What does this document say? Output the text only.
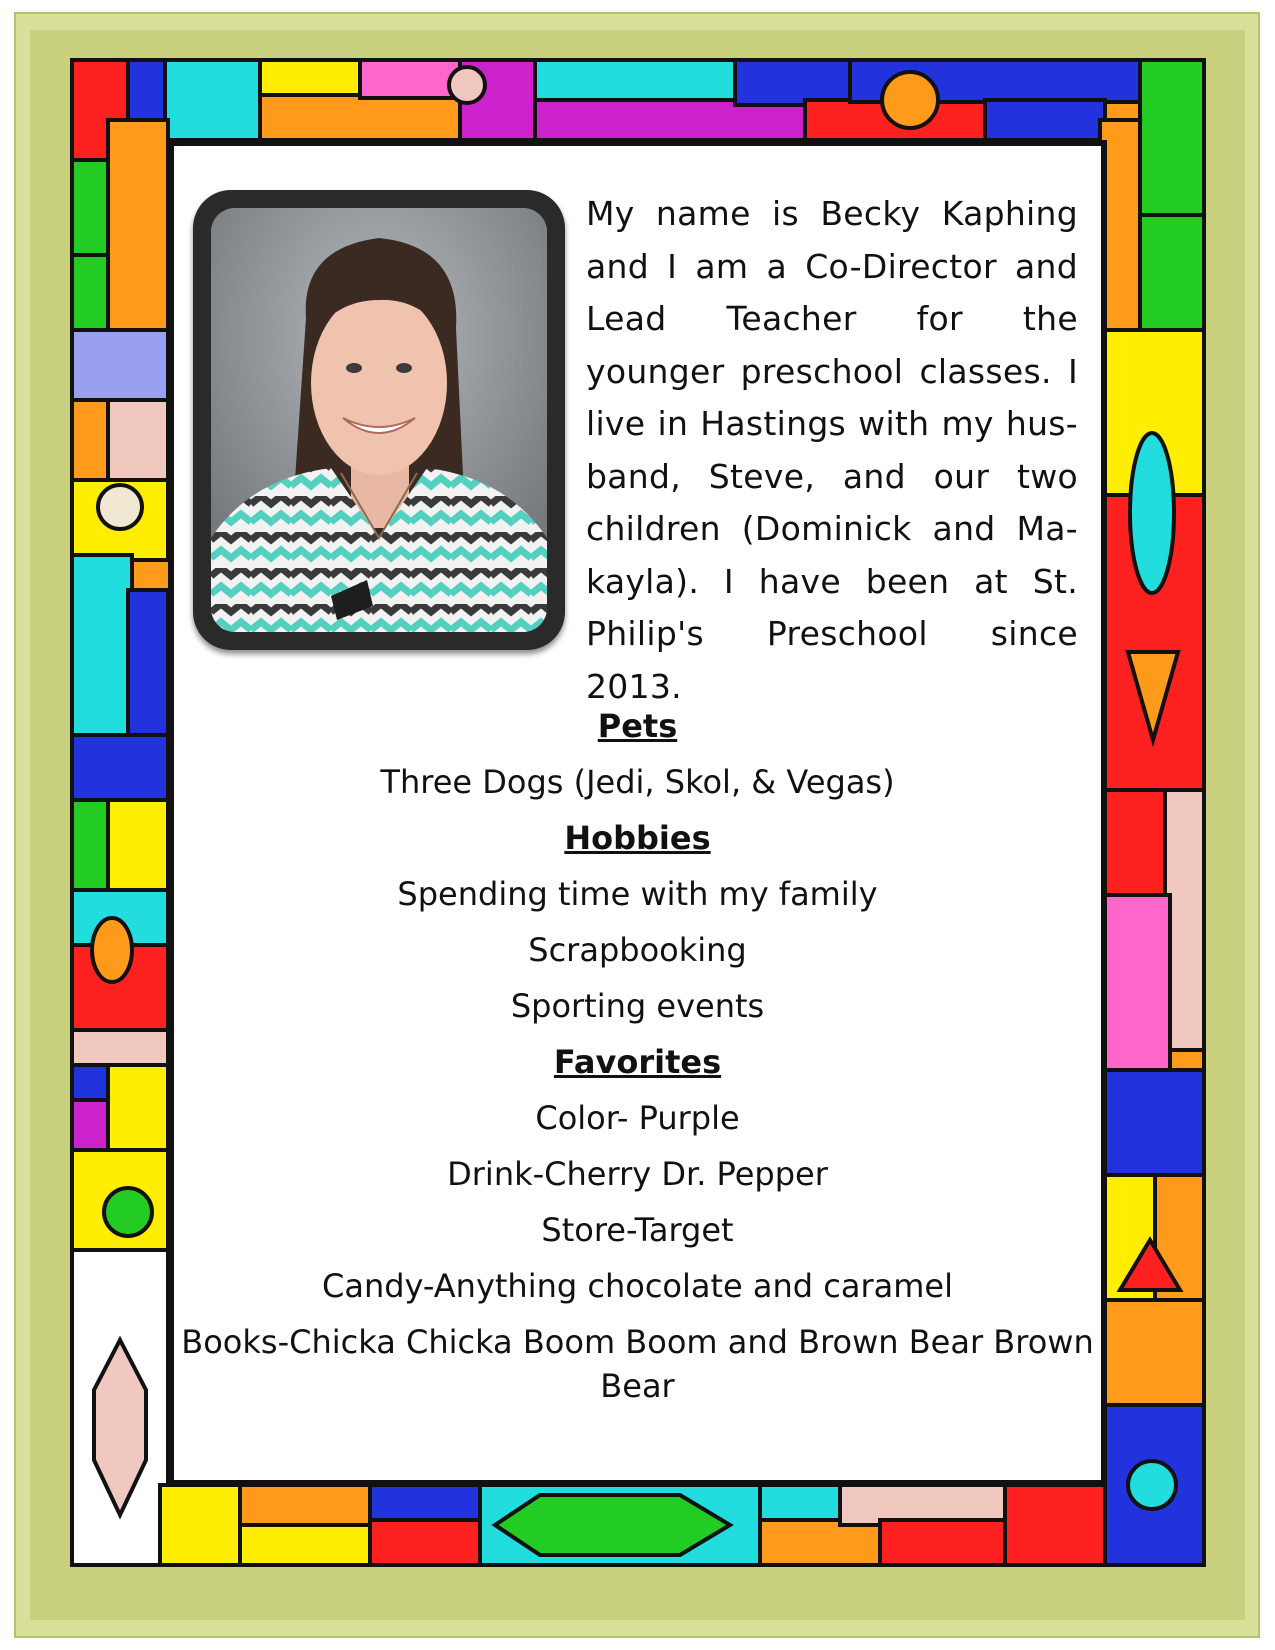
My name is Becky Kaphing and I am a Co-Director and Lead Teacher for the younger preschool classes. I live in Hastings with my hus-band, Steve, and our two children (Dominick and Ma-kayla). I have been at St. Philip's Preschool since 2013.

Pets
Three Dogs (Jedi, Skol, & Vegas)
Hobbies
Spending time with my family
Scrapbooking
Sporting events
Favorites
Color- Purple
Drink-Cherry Dr. Pepper
Store-Target
Candy-Anything chocolate and caramel
Books-Chicka Chicka Boom Boom and Brown Bear Brown Bear
